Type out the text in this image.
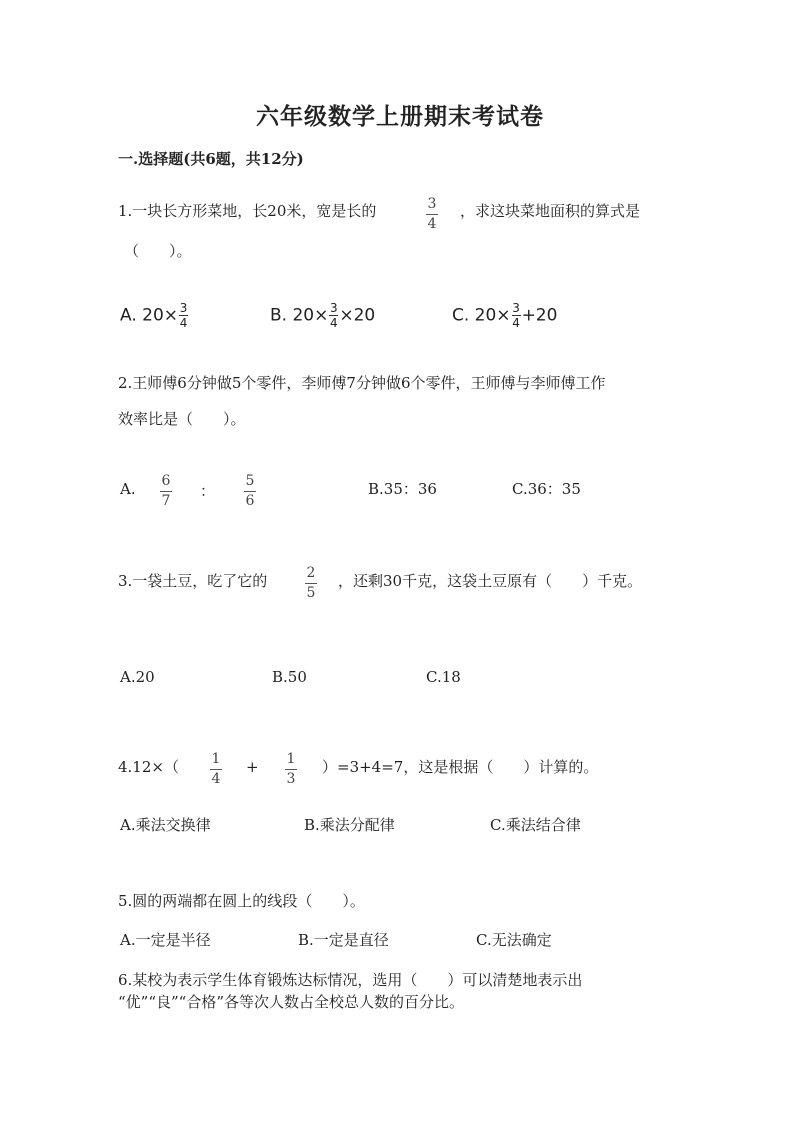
六年级数学上册期末考试卷
一.选择题(共6题，共12分)
1.一块长方形菜地，长20米，宽是长的	3
4
，求这块菜地面积的算式是
（　　）。
A. $20\times \frac{3}{4}$	B. $20\times \frac{3}{4} \times 20$	C. $20\times \frac{3}{4} +20$
2.王师傅6分钟做5个零件，李师傅7分钟做6个零件，王师傅与李师傅工作
效率比是（　　）。
A. 6
7
：
5
6
B.35：36	C.36：35
3.一袋土豆，吃了它的	2
5
，还剩30千克，这袋土豆原有（　　）千克。
A.20	B.50	C.18
4.12×（ 1
4
+ 1
3
）=3+4=7，这是根据（　　）计算的。
A.乘法交换律	B.乘法分配律	C.乘法结合律
5.圆的两端都在圆上的线段（　　）。
A.一定是半径	B.一定是直径	C.无法确定
6.某校为表示学生体育锻炼达标情况，选用（　　）可以清楚地表示出
“优”“良”“合格”各等次人数占全校总人数的百分比。
